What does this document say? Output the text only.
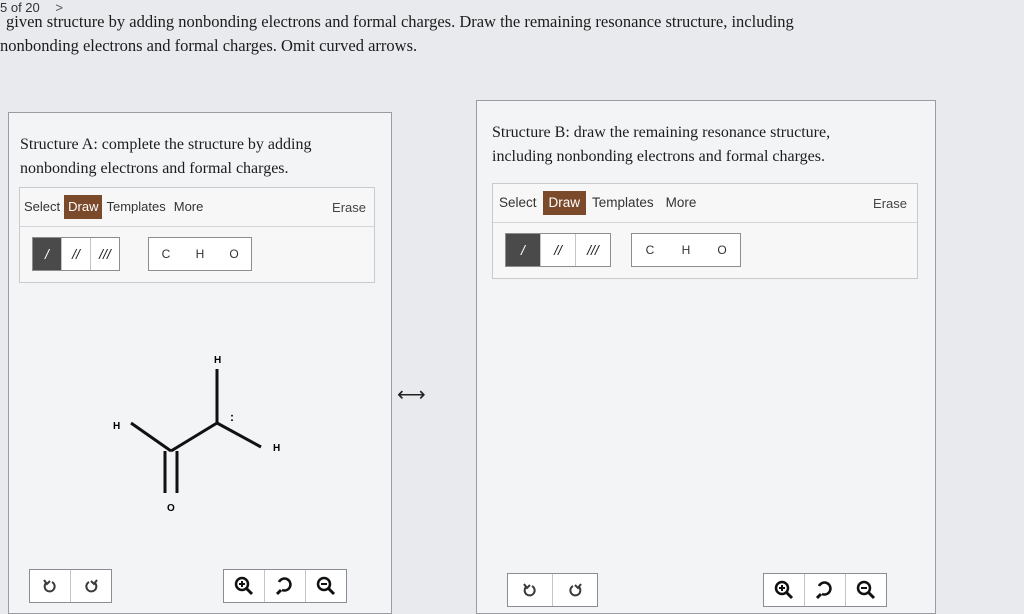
5 of 20 >
given structure by adding nonbonding electrons and formal charges. Draw the remaining resonance structure, including
nonbonding electrons and formal charges. Omit curved arrows.
Structure A: complete the structure by adding
nonbonding electrons and formal charges.
Select Draw Templates More	Erase
/	//	///	C	H	O
H
H
H
O
:
⟷
Structure B: draw the remaining resonance structure,
including nonbonding electrons and formal charges.
Select Draw Templates More	Erase
/	//	///	C	H	O
